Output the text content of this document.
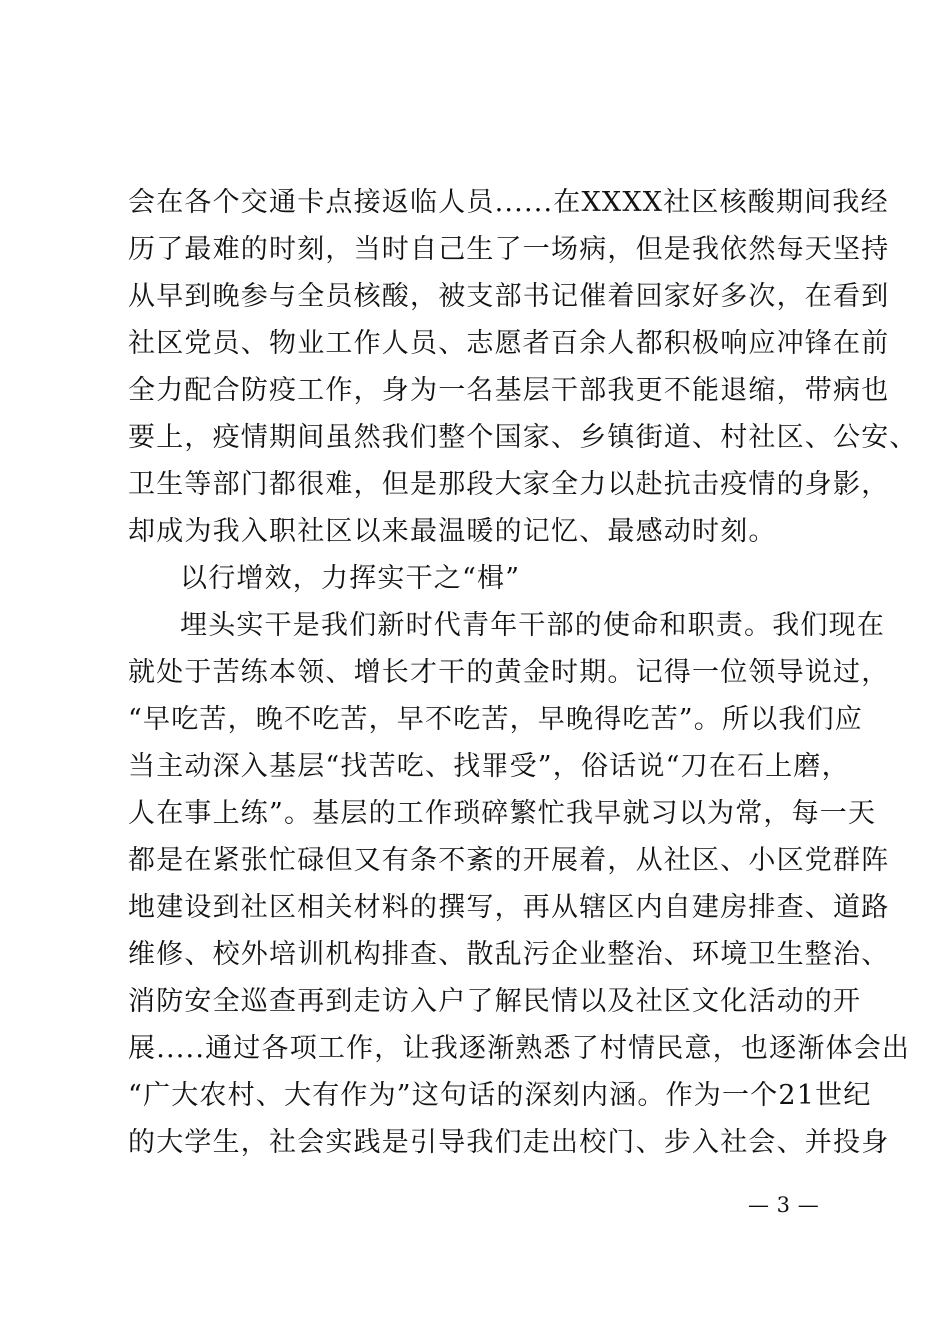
会在各个交通卡点接返临人员......在XXXX社区核酸期间我经
历了最难的时刻，当时自己生了一场病，但是我依然每天坚持
从早到晚参与全员核酸，被支部书记催着回家好多次，在看到
社区党员、物业工作人员、志愿者百余人都积极响应冲锋在前
全力配合防疫工作，身为一名基层干部我更不能退缩，带病也
要上，疫情期间虽然我们整个国家、乡镇街道、村社区、公安、
卫生等部门都很难，但是那段大家全力以赴抗击疫情的身影，
却成为我入职社区以来最温暖的记忆、最感动时刻。
以行增效，力挥实干之“楫”
埋头实干是我们新时代青年干部的使命和职责。我们现在
就处于苦练本领、增长才干的黄金时期。记得一位领导说过，
“早吃苦，晚不吃苦，早不吃苦，早晚得吃苦”。所以我们应
当主动深入基层“找苦吃、找罪受”，俗话说“刀在石上磨，
人在事上练”。基层的工作琐碎繁忙我早就习以为常，每一天
都是在紧张忙碌但又有条不紊的开展着，从社区、小区党群阵
地建设到社区相关材料的撰写，再从辖区内自建房排查、道路
维修、校外培训机构排查、散乱污企业整治、环境卫生整治、
消防安全巡查再到走访入户了解民情以及社区文化活动的开
展.....通过各项工作，让我逐渐熟悉了村情民意，也逐渐体会出
“广大农村、大有作为”这句话的深刻内涵。作为一个21世纪
的大学生，社会实践是引导我们走出校门、步入社会、并投身
— 3 —
